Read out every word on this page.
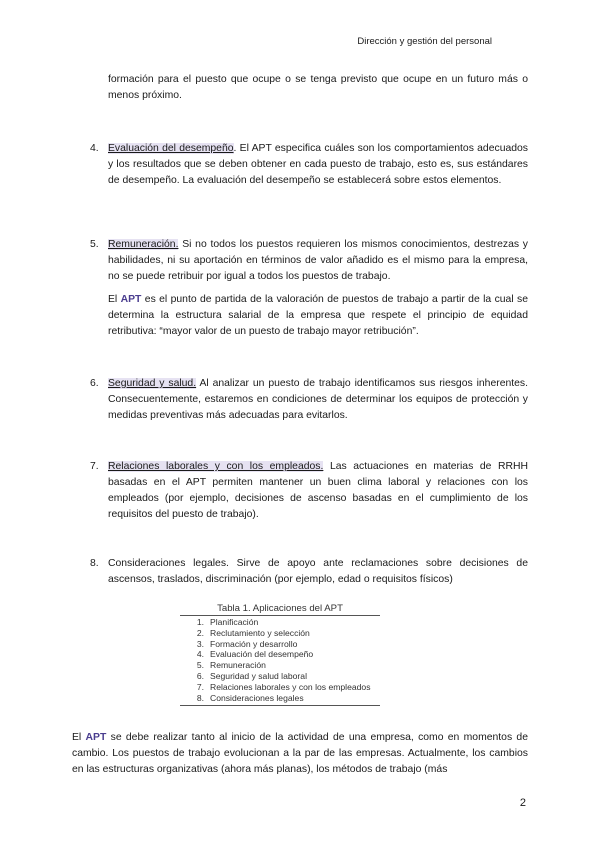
Dirección y gestión del personal
formación para el puesto que ocupe o se tenga previsto que ocupe en un futuro más o menos próximo.
4. Evaluación del desempeño. El APT especifica cuáles son los comportamientos adecuados y los resultados que se deben obtener en cada puesto de trabajo, esto es, sus estándares de desempeño. La evaluación del desempeño se establecerá sobre estos elementos.
5. Remuneración. Si no todos los puestos requieren los mismos conocimientos, destrezas y habilidades, ni su aportación en términos de valor añadido es el mismo para la empresa, no se puede retribuir por igual a todos los puestos de trabajo.
El APT es el punto de partida de la valoración de puestos de trabajo a partir de la cual se determina la estructura salarial de la empresa que respete el principio de equidad retributiva: “mayor valor de un puesto de trabajo mayor retribución”.
6. Seguridad y salud. Al analizar un puesto de trabajo identificamos sus riesgos inherentes. Consecuentemente, estaremos en condiciones de determinar los equipos de protección y medidas preventivas más adecuadas para evitarlos.
7. Relaciones laborales y con los empleados. Las actuaciones en materias de RRHH basadas en el APT permiten mantener un buen clima laboral y relaciones con los empleados (por ejemplo, decisiones de ascenso basadas en el cumplimiento de los requisitos del puesto de trabajo).
8. Consideraciones legales. Sirve de apoyo ante reclamaciones sobre decisiones de ascensos, traslados, discriminación (por ejemplo, edad o requisitos físicos)
Tabla 1. Aplicaciones del APT
1. Planificación
2. Reclutamiento y selección
3. Formación y desarrollo
4. Evaluación del desempeño
5. Remuneración
6. Seguridad y salud laboral
7. Relaciones laborales y con los empleados
8. Consideraciones legales
El APT se debe realizar tanto al inicio de la actividad de una empresa, como en momentos de cambio. Los puestos de trabajo evolucionan a la par de las empresas. Actualmente, los cambios en las estructuras organizativas (ahora más planas), los métodos de trabajo (más
2
